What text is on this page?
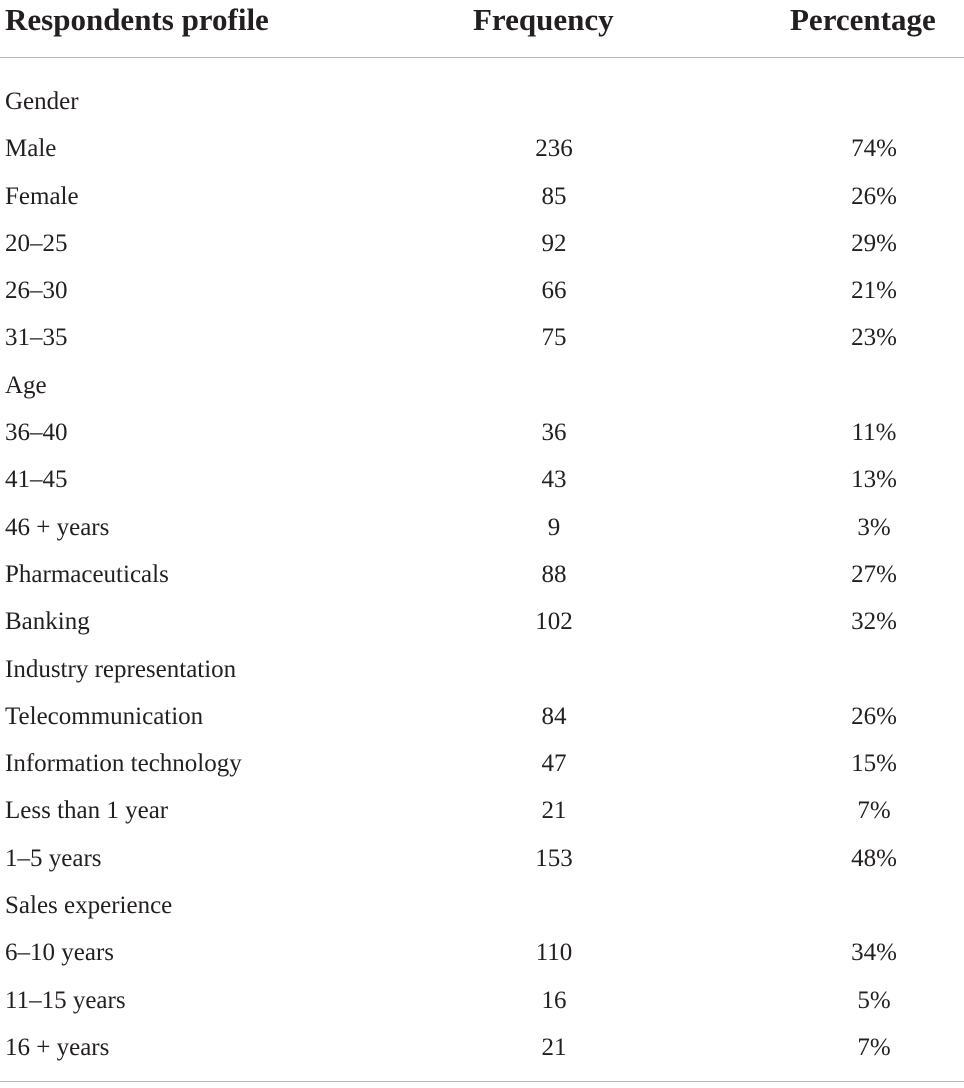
Respondents profile	Frequency	Percentage
Gender
Male	236	74%
Female	85	26%
20–25	92	29%
26–30	66	21%
31–35	75	23%
Age
36–40	36	11%
41–45	43	13%
46 + years	9	3%
Pharmaceuticals	88	27%
Banking	102	32%
Industry representation
Telecommunication	84	26%
Information technology	47	15%
Less than 1 year	21	7%
1–5 years	153	48%
Sales experience
6–10 years	110	34%
11–15 years	16	5%
16 + years	21	7%
